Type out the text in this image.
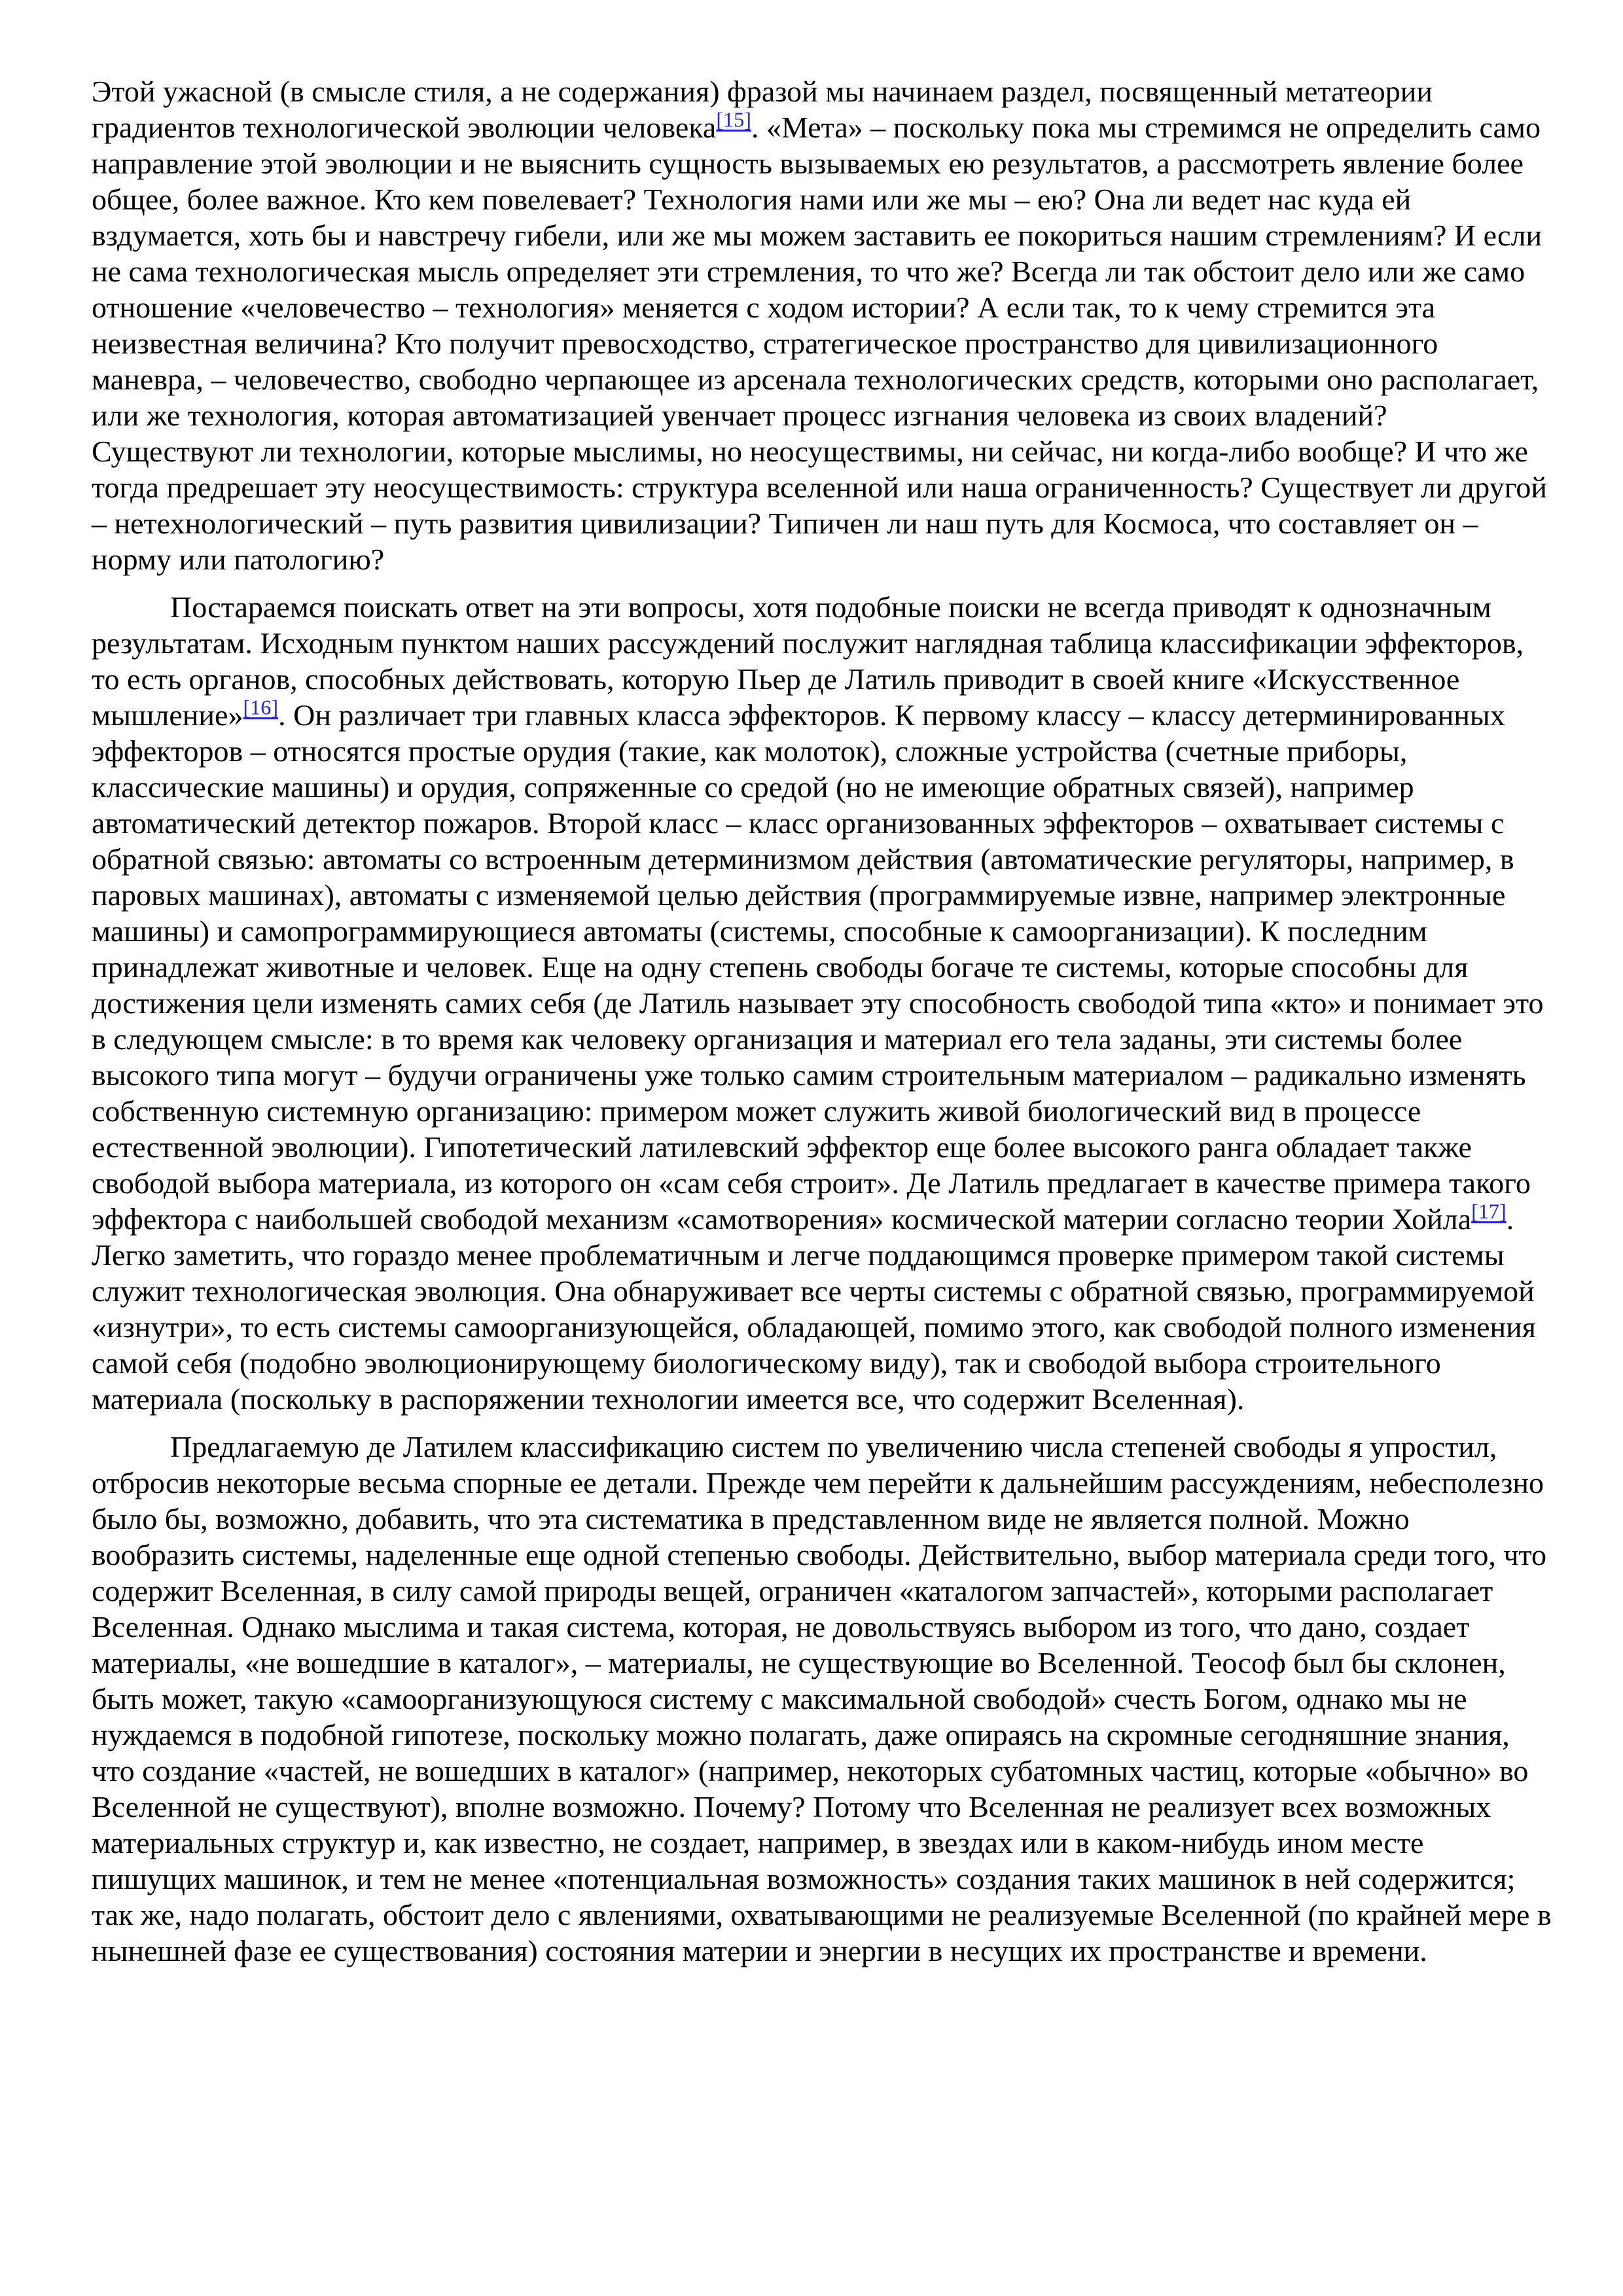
Этой ужасной (в смысле стиля, а не содержания) фразой мы начинаем раздел, посвященный метатеории градиентов технологической эволюции человека[15]. «Мета» – поскольку пока мы стремимся не определить само направление этой эволюции и не выяснить сущность вызываемых ею результатов, а рассмотреть явление более общее, более важное. Кто кем повелевает? Технология нами или же мы – ею? Она ли ведет нас куда ей вздумается, хоть бы и навстречу гибели, или же мы можем заставить ее покориться нашим стремлениям? И если не сама технологическая мысль определяет эти стремления, то что же? Всегда ли так обстоит дело или же само отношение «человечество – технология» меняется с ходом истории? А если так, то к чему стремится эта неизвестная величина? Кто получит превосходство, стратегическое пространство для цивилизационного маневра, – человечество, свободно черпающее из арсенала технологических средств, которыми оно располагает, или же технология, которая автоматизацией увенчает процесс изгнания человека из своих владений? Существуют ли технологии, которые мыслимы, но неосуществимы, ни сейчас, ни когда-либо вообще? И что же тогда предрешает эту неосуществимость: структура вселенной или наша ограниченность? Существует ли другой – нетехнологический – путь развития цивилизации? Типичен ли наш путь для Космоса, что составляет он – норму или патологию?

Постараемся поискать ответ на эти вопросы, хотя подобные поиски не всегда приводят к однозначным результатам. Исходным пунктом наших рассуждений послужит наглядная таблица классификации эффекторов, то есть органов, способных действовать, которую Пьер де Латиль приводит в своей книге «Искусственное мышление»[16]. Он различает три главных класса эффекторов. К первому классу – классу детерминированных эффекторов – относятся простые орудия (такие, как молоток), сложные устройства (счетные приборы, классические машины) и орудия, сопряженные со средой (но не имеющие обратных связей), например автоматический детектор пожаров. Второй класс – класс организованных эффекторов – охватывает системы с обратной связью: автоматы со встроенным детерминизмом действия (автоматические регуляторы, например, в паровых машинах), автоматы с изменяемой целью действия (программируемые извне, например электронные машины) и самопрограммирующиеся автоматы (системы, способные к самоорганизации). К последним принадлежат животные и человек. Еще на одну степень свободы богаче те системы, которые способны для достижения цели изменять самих себя (де Латиль называет эту способность свободой типа «кто» и понимает это в следующем смысле: в то время как человеку организация и материал его тела заданы, эти системы более высокого типа могут – будучи ограничены уже только самим строительным материалом – радикально изменять собственную системную организацию: примером может служить живой биологический вид в процессе естественной эволюции). Гипотетический латилевский эффектор еще более высокого ранга обладает также свободой выбора материала, из которого он «сам себя строит». Де Латиль предлагает в качестве примера такого эффектора с наибольшей свободой механизм «самотворения» космической материи согласно теории Хойла[17]. Легко заметить, что гораздо менее проблематичным и легче поддающимся проверке примером такой системы служит технологическая эволюция. Она обнаруживает все черты системы с обратной связью, программируемой «изнутри», то есть системы самоорганизующейся, обладающей, помимо этого, как свободой полного изменения самой себя (подобно эволюционирующему биологическому виду), так и свободой выбора строительного материала (поскольку в распоряжении технологии имеется все, что содержит Вселенная).

Предлагаемую де Латилем классификацию систем по увеличению числа степеней свободы я упростил, отбросив некоторые весьма спорные ее детали. Прежде чем перейти к дальнейшим рассуждениям, небесполезно было бы, возможно, добавить, что эта систематика в представленном виде не является полной. Можно вообразить системы, наделенные еще одной степенью свободы. Действительно, выбор материала среди того, что содержит Вселенная, в силу самой природы вещей, ограничен «каталогом запчастей», которыми располагает Вселенная. Однако мыслима и такая система, которая, не довольствуясь выбором из того, что дано, создает материалы, «не вошедшие в каталог», – материалы, не существующие во Вселенной. Теософ был бы склонен, быть может, такую «самоорганизующуюся систему с максимальной свободой» счесть Богом, однако мы не нуждаемся в подобной гипотезе, поскольку можно полагать, даже опираясь на скромные сегодняшние знания, что создание «частей, не вошедших в каталог» (например, некоторых субатомных частиц, которые «обычно» во Вселенной не существуют), вполне возможно. Почему? Потому что Вселенная не реализует всех возможных материальных структур и, как известно, не создает, например, в звездах или в каком-нибудь ином месте пишущих машинок, и тем не менее «потенциальная возможность» создания таких машинок в ней содержится; так же, надо полагать, обстоит дело с явлениями, охватывающими не реализуемые Вселенной (по крайней мере в нынешней фазе ее существования) состояния материи и энергии в несущих их пространстве и времени.
